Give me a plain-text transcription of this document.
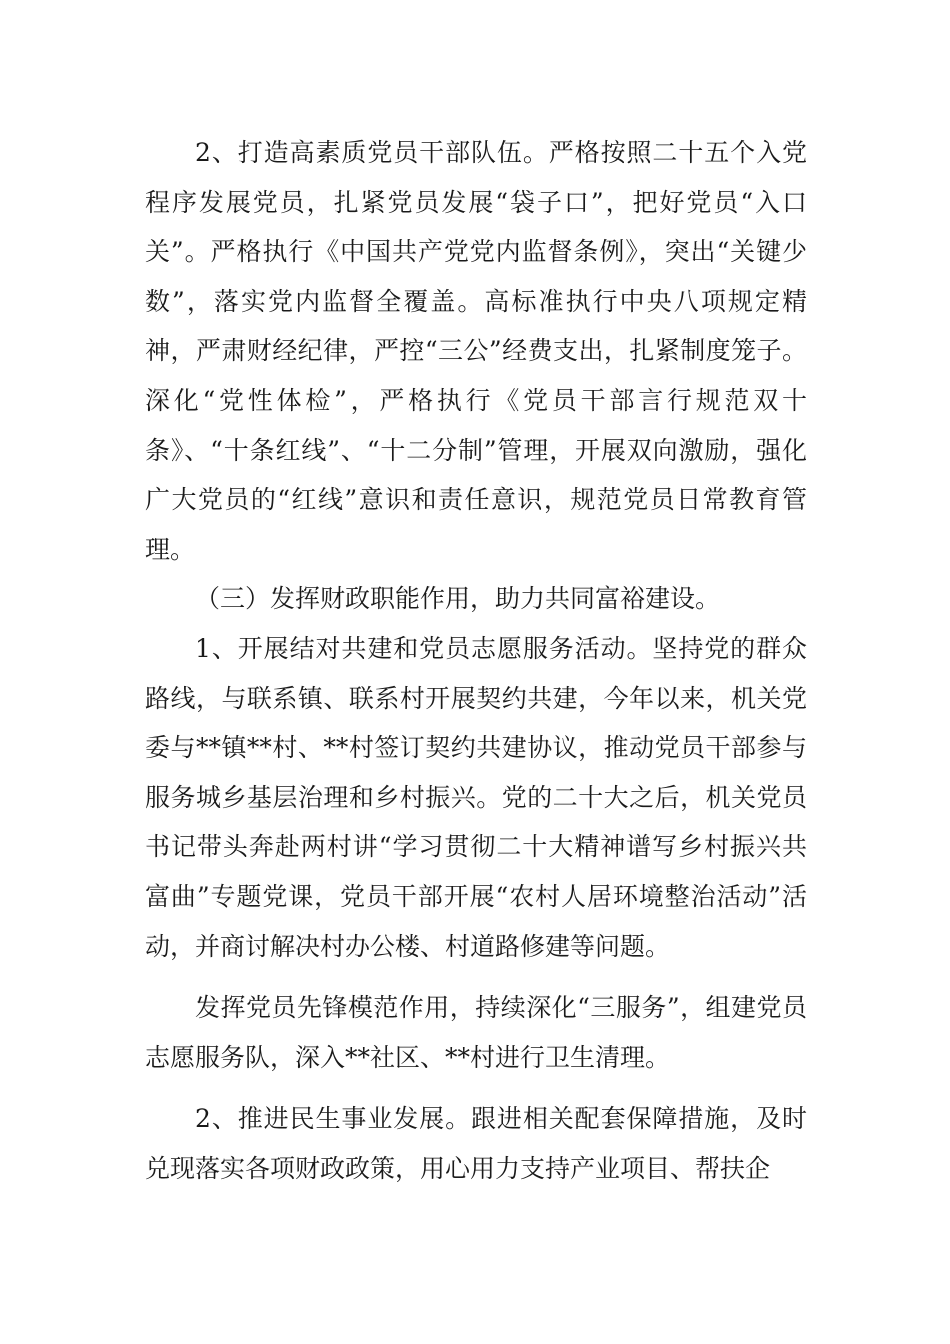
2、打造高素质党员干部队伍。严格按照二十五个入党程序发展党员，扎紧党员发展“袋子口”，把好党员“入口关”。严格执行《中国共产党党内监督条例》，突出“关键少数”，落实党内监督全覆盖。高标准执行中央八项规定精神，严肃财经纪律，严控“三公”经费支出，扎紧制度笼子。深化“党性体检”，严格执行《党员干部言行规范双十条》、“十条红线”、“十二分制”管理，开展双向激励，强化广大党员的“红线”意识和责任意识，规范党员日常教育管理。

（三）发挥财政职能作用，助力共同富裕建设。

1、开展结对共建和党员志愿服务活动。坚持党的群众路线，与联系镇、联系村开展契约共建，今年以来，机关党委与**镇**村、**村签订契约共建协议，推动党员干部参与服务城乡基层治理和乡村振兴。党的二十大之后，机关党员书记带头奔赴两村讲“学习贯彻二十大精神谱写乡村振兴共富曲”专题党课，党员干部开展“农村人居环境整治活动”活动，并商讨解决村办公楼、村道路修建等问题。

发挥党员先锋模范作用，持续深化“三服务”，组建党员志愿服务队，深入**社区、**村进行卫生清理。

2、推进民生事业发展。跟进相关配套保障措施，及时兑现落实各项财政政策，用心用力支持产业项目、帮扶企
